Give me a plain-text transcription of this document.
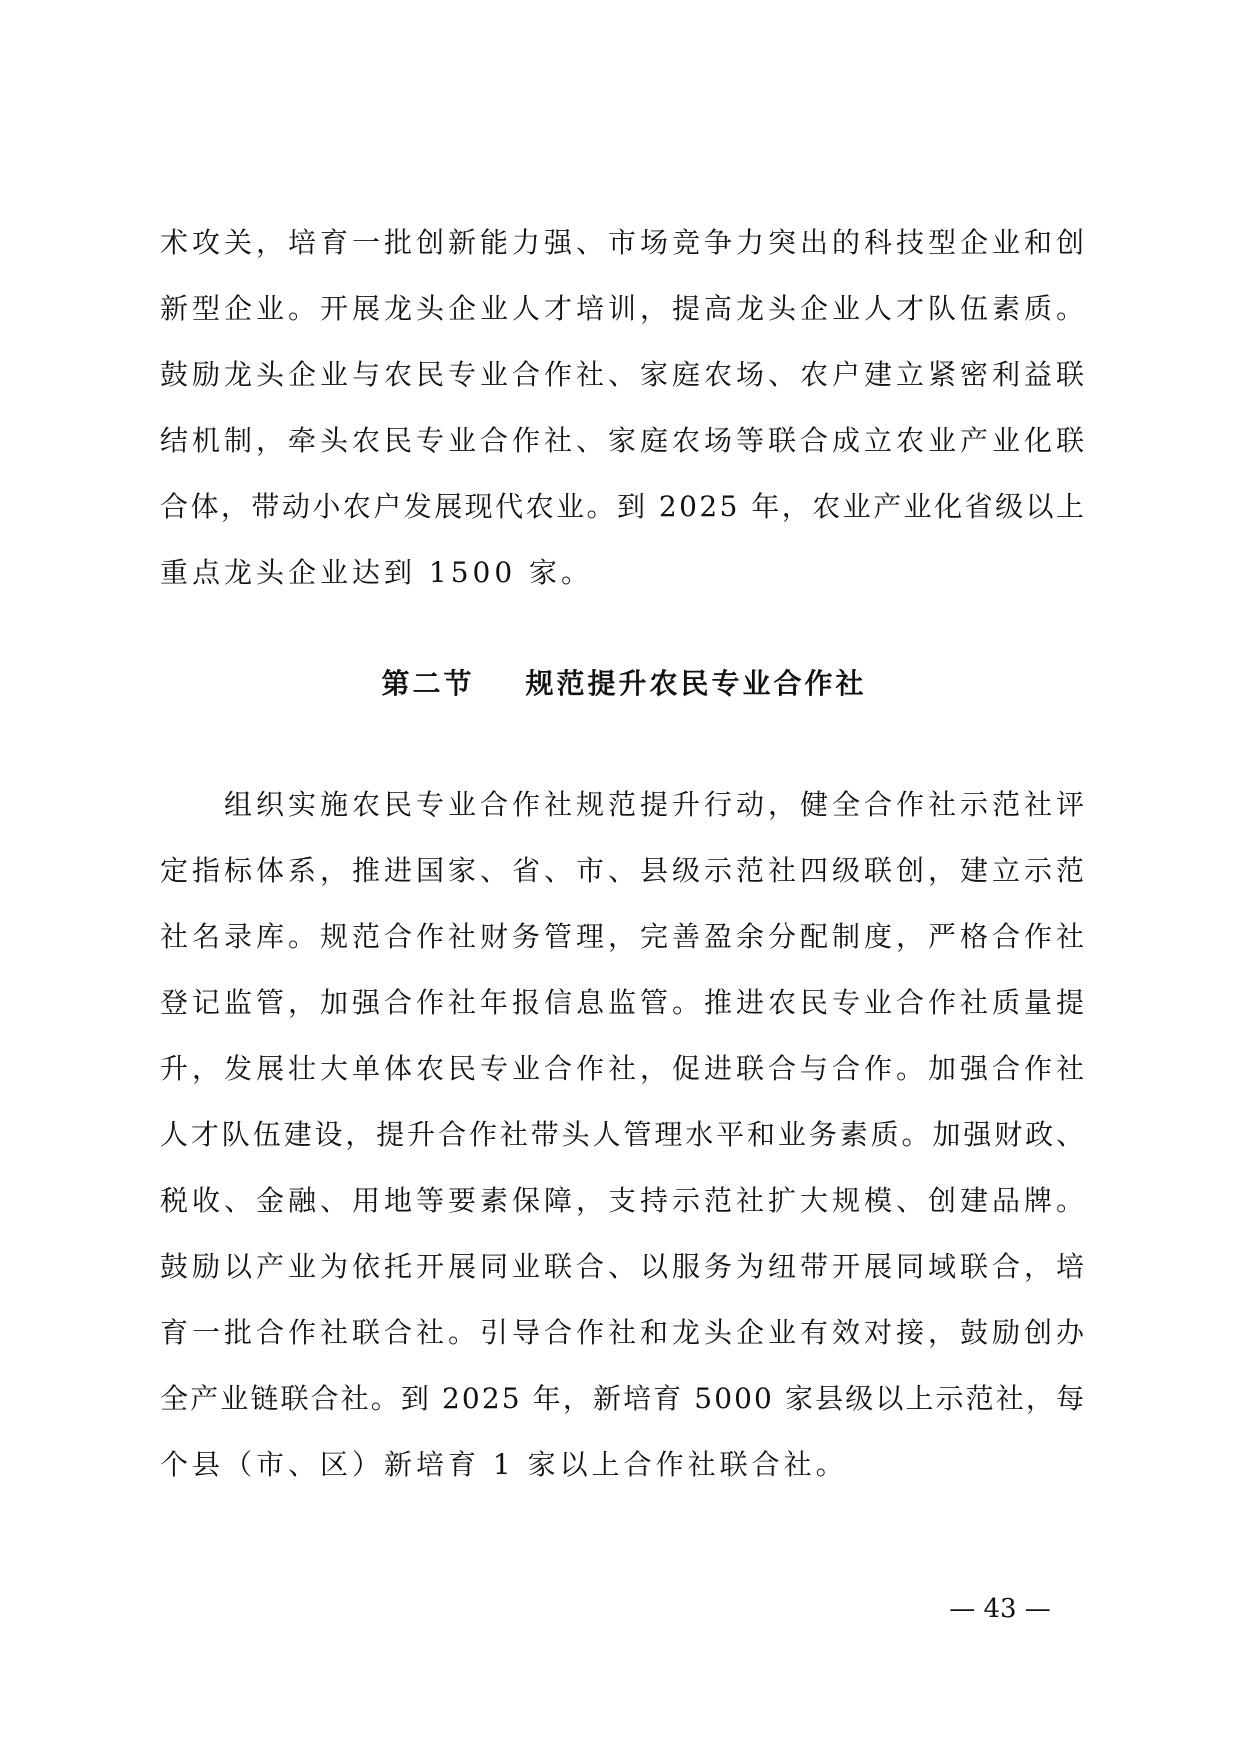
术攻关，培育一批创新能力强、市场竞争力突出的科技型企业和创
新型企业。开展龙头企业人才培训，提高龙头企业人才队伍素质。
鼓励龙头企业与农民专业合作社、家庭农场、农户建立紧密利益联
结机制，牵头农民专业合作社、家庭农场等联合成立农业产业化联
合体，带动小农户发展现代农业。到 2025 年，农业产业化省级以上
重点龙头企业达到 1500 家。
第二节    规范提升农民专业合作社
组织实施农民专业合作社规范提升行动，健全合作社示范社评
定指标体系，推进国家、省、市、县级示范社四级联创，建立示范
社名录库。规范合作社财务管理，完善盈余分配制度，严格合作社
登记监管，加强合作社年报信息监管。推进农民专业合作社质量提
升，发展壮大单体农民专业合作社，促进联合与合作。加强合作社
人才队伍建设，提升合作社带头人管理水平和业务素质。加强财政、
税收、金融、用地等要素保障，支持示范社扩大规模、创建品牌。
鼓励以产业为依托开展同业联合、以服务为纽带开展同域联合，培
育一批合作社联合社。引导合作社和龙头企业有效对接，鼓励创办
全产业链联合社。到 2025 年，新培育 5000 家县级以上示范社，每
个县（市、区）新培育 1 家以上合作社联合社。
— 43 —
